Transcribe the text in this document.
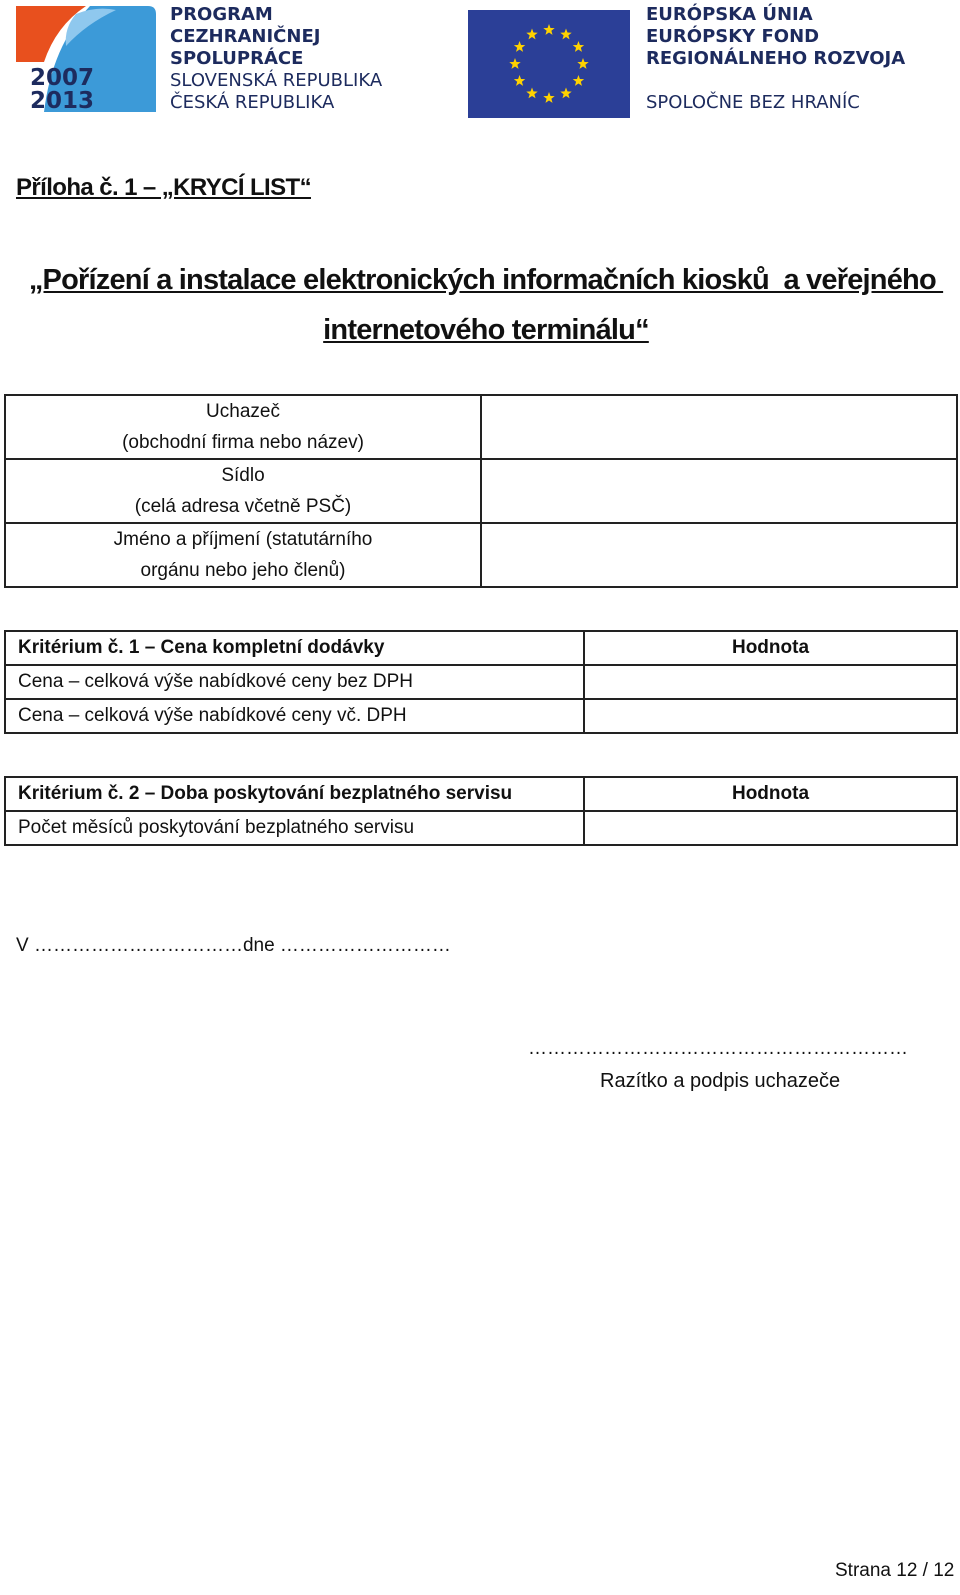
2007
2013
PROGRAM
CEZHRANIČNEJ
SPOLUPRÁCE
SLOVENSKÁ REPUBLIKA
ČESKÁ REPUBLIKA
EURÓPSKA ÚNIA
EURÓPSKY FOND
REGIONÁLNEHO ROZVOJA
SPOLOČNE BEZ HRANÍC
Příloha č. 1 – „KRYCÍ LIST“
„Pořízení a instalace elektronických informačních kiosků  a veřejného
internetového terminálu“
Uchazeč
(obchodní firma nebo název)	

Sídlo
(celá adresa včetně PSČ)	

Jméno a příjmení (statutárního
orgánu nebo jeho členů)	

Kritérium č. 1 – Cena kompletní dodávky	Hodnota
Cena – celková výše nabídkové ceny bez DPH	
Cena – celková výše nabídkové ceny vč. DPH	
Kritérium č. 2 – Doba poskytování bezplatného servisu	Hodnota
Počet měsíců poskytování bezplatného servisu	
V ……………………………dne ………………………
……………………………………………………
Razítko a podpis uchazeče
Strana 12 / 12
